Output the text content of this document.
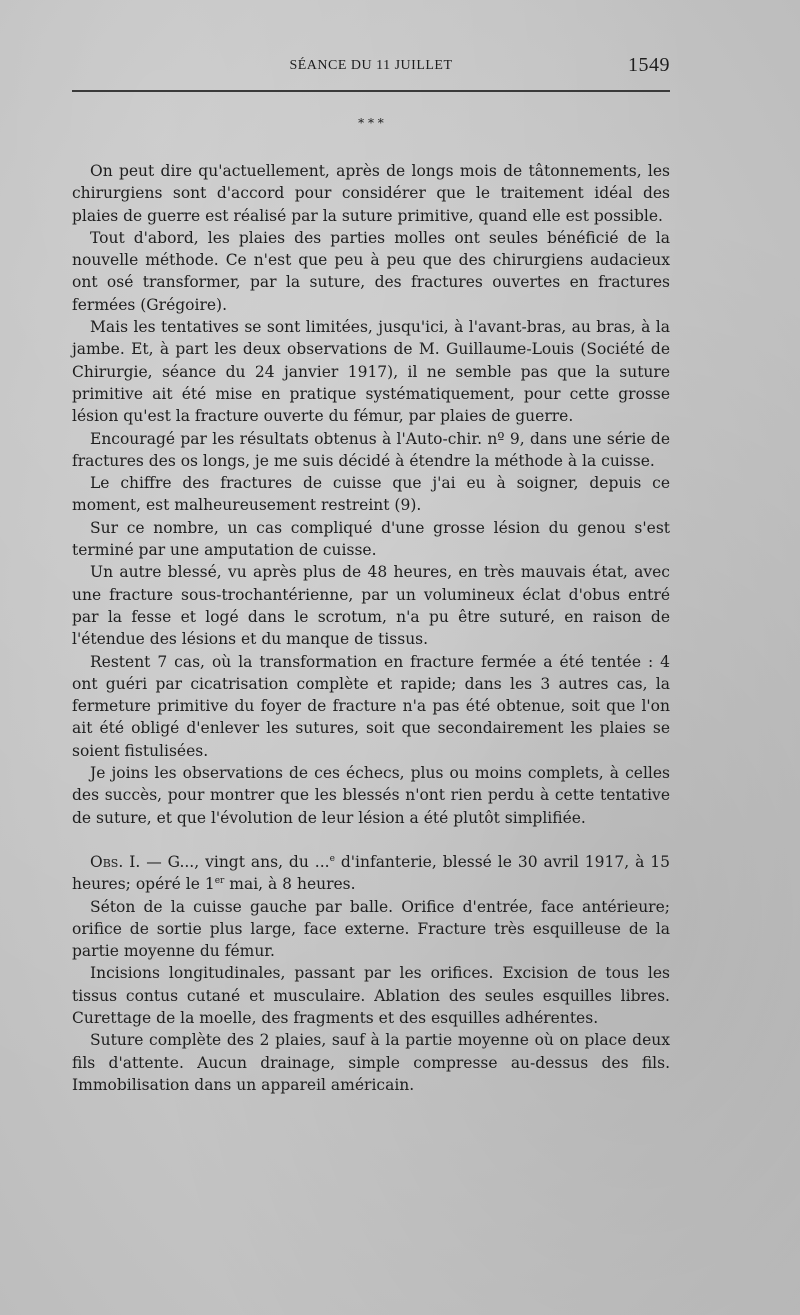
SÉANCE DU 11 JUILLET	1549
* * *

On peut dire qu'actuellement, après de longs mois de tâtonnements, les chirurgiens sont d'accord pour considérer que le traitement idéal des plaies de guerre est réalisé par la suture primitive, quand elle est possible.

Tout d'abord, les plaies des parties molles ont seules bénéficié de la nouvelle méthode. Ce n'est que peu à peu que des chirurgiens audacieux ont osé transformer, par la suture, des fractures ouvertes en fractures fermées (Grégoire).

Mais les tentatives se sont limitées, jusqu'ici, à l'avant-bras, au bras, à la jambe. Et, à part les deux observations de M. Guillaume-Louis (Société de Chirurgie, séance du 24 janvier 1917), il ne semble pas que la suture primitive ait été mise en pratique systématiquement, pour cette grosse lésion qu'est la fracture ouverte du fémur, par plaies de guerre.

Encouragé par les résultats obtenus à l'Auto-chir. nº 9, dans une série de fractures des os longs, je me suis décidé à étendre la méthode à la cuisse.

Le chiffre des fractures de cuisse que j'ai eu à soigner, depuis ce moment, est malheureusement restreint (9).

Sur ce nombre, un cas compliqué d'une grosse lésion du genou s'est terminé par une amputation de cuisse.

Un autre blessé, vu après plus de 48 heures, en très mauvais état, avec une fracture sous-trochantérienne, par un volumineux éclat d'obus entré par la fesse et logé dans le scrotum, n'a pu être suturé, en raison de l'étendue des lésions et du manque de tissus.

Restent 7 cas, où la transformation en fracture fermée a été tentée : 4 ont guéri par cicatrisation complète et rapide; dans les 3 autres cas, la fermeture primitive du foyer de fracture n'a pas été obtenue, soit que l'on ait été obligé d'enlever les sutures, soit que secondairement les plaies se soient fistulisées.

Je joins les observations de ces échecs, plus ou moins complets, à celles des succès, pour montrer que les blessés n'ont rien perdu à cette tentative de suture, et que l'évolution de leur lésion a été plutôt simplifiée.

Obs. I. — G..., vingt ans, du ...$^e$ d'infanterie, blessé le 30 avril 1917, à 15 heures; opéré le 1er mai, à 8 heures.

Séton de la cuisse gauche par balle. Orifice d'entrée, face antérieure; orifice de sortie plus large, face externe. Fracture très esquilleuse de la partie moyenne du fémur.

Incisions longitudinales, passant par les orifices. Excision de tous les tissus contus cutané et musculaire. Ablation des seules esquilles libres. Curettage de la moelle, des fragments et des esquilles adhérentes.

Suture complète des 2 plaies, sauf à la partie moyenne où on place deux fils d'attente. Aucun drainage, simple compresse au-dessus des fils. Immobilisation dans un appareil américain.
